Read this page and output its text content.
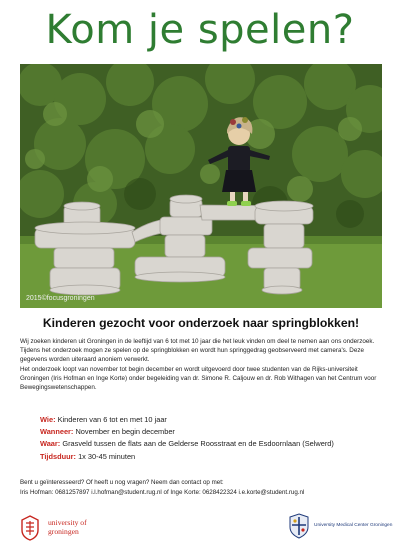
Kom je spelen?
2015©focusgroningen
Kinderen gezocht voor onderzoek naar springblokken!

Wij zoeken kinderen uit Groningen in de leeftijd van 6 tot met 10 jaar die het leuk vinden om deel te nemen aan ons onderzoek. Tijdens het onderzoek mogen ze spelen op de springblokken en wordt hun springgedrag geobserveerd met camera's. Deze gegevens worden uiteraard anoniem verwerkt.

Het onderzoek loopt van november tot begin december en wordt uitgevoerd door twee studenten van de Rijks-universiteit Groningen (Iris Hofman en Inge Korte) onder begeleiding van dr. Simone R. Caljouw en dr. Rob Withagen van het Centrum voor Bewegingswetenschappen.

Wie: Kinderen van 6 tot en met 10 jaar
Wanneer: November en begin december
Waar: Grasveld tussen de flats aan de Gelderse Roosstraat en de Esdoornlaan (Selwerd)
Tijdsduur: 1x 30-45 minuten
Bent u geïnteresseerd? Of heeft u nog vragen? Neem dan contact op met:
Iris Hofman: 0681257897 i.l.hofman@student.rug.nl of Inge Korte: 0628422324 i.e.korte@student.rug.nl
university of
groningen
University Medical Center Groningen
